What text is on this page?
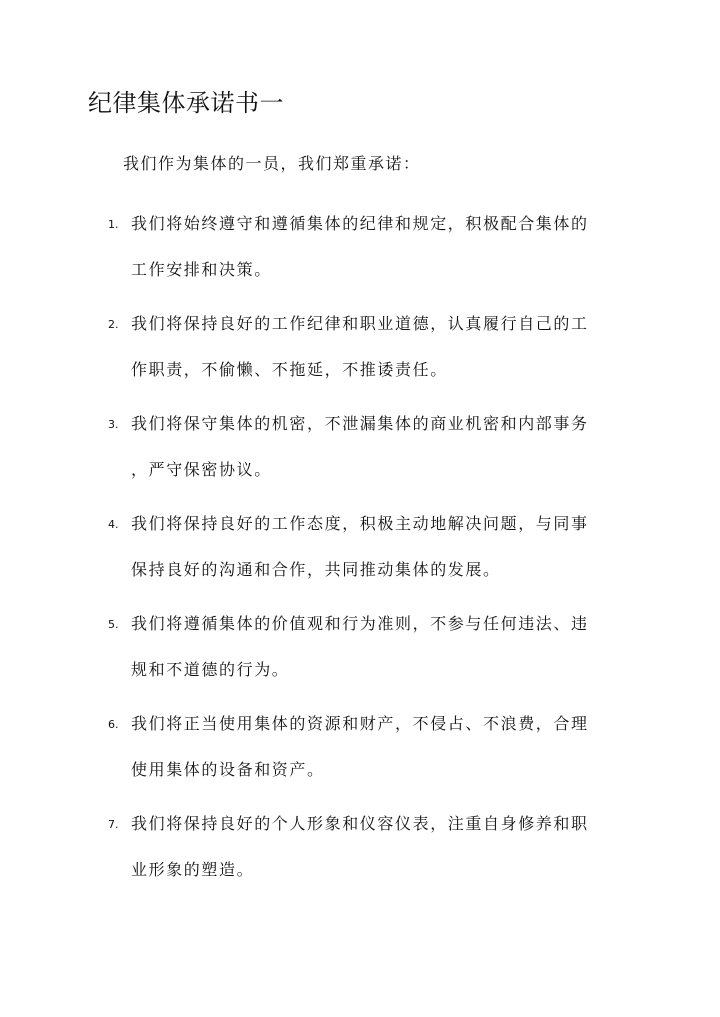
纪律集体承诺书一

我们作为集体的一员，我们郑重承诺：

1. 我们将始终遵守和遵循集体的纪律和规定，积极配合集体的
工作安排和决策。
2. 我们将保持良好的工作纪律和职业道德，认真履行自己的工
作职责，不偷懒、不拖延，不推诿责任。
3. 我们将保守集体的机密，不泄漏集体的商业机密和内部事务
，严守保密协议。
4. 我们将保持良好的工作态度，积极主动地解决问题，与同事
保持良好的沟通和合作，共同推动集体的发展。
5. 我们将遵循集体的价值观和行为准则，不参与任何违法、违
规和不道德的行为。
6. 我们将正当使用集体的资源和财产，不侵占、不浪费，合理
使用集体的设备和资产。
7. 我们将保持良好的个人形象和仪容仪表，注重自身修养和职
业形象的塑造。
